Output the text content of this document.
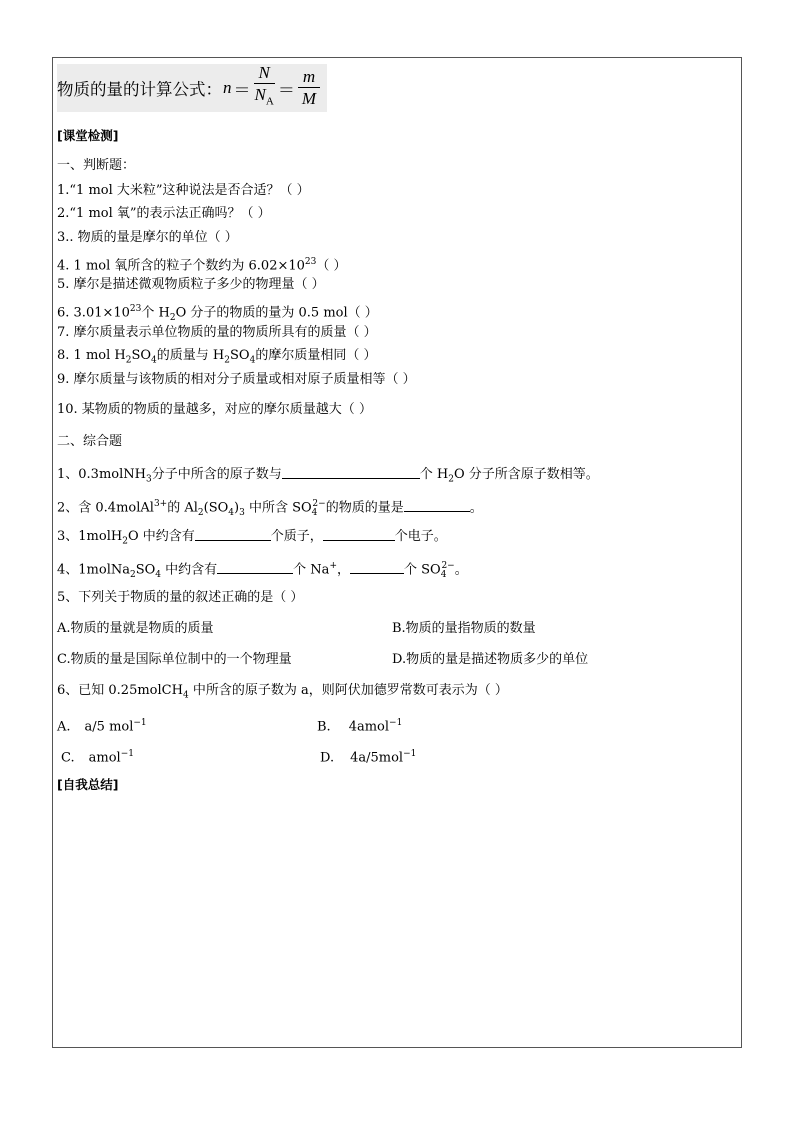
物质的量的计算公式： $n = \frac{N}{N_A} = \frac{m}{M}$
[课堂检测]
一、判断题：
1.“1 mol 大米粒”这种说法是否合适？（ ）
2.“1 mol 氧”的表示法正确吗？（ ）
3.. 物质的量是摩尔的单位（ ）
4. 1 mol 氧所含的粒子个数约为 $6.02\times 10^{23}$（ ）
5. 摩尔是描述微观物质粒子多少的物理量（ ）
6. $3.01\times 10^{23}$个 $H_2O$ 分子的物质的量为 0.5 mol（ ）
7. 摩尔质量表示单位物质的量的物质所具有的质量（ ）
8. 1 mol $H_2SO_4$的质量与 $H_2SO_4$的摩尔质量相同（ ）
9. 摩尔质量与该物质的相对分子质量或相对原子质量相等（ ）
10. 某物质的物质的量越多，对应的摩尔质量越大（ ）
二、综合题
1、0.3molNH$_3$分子中所含的原子数与	个 $H_2O$ 分子所含原子数相等。
2、含 0.4molAl$^{3+}$的 $Al_2(SO_4)_3$ 中所含 $SO_4^{2-}$的物质的量是	。
3、1molH$_2$O 中约含有	个质子，	个电子。
4、$1molNa_2SO_4$ 中约含有	个 Na+，	个 $SO_4^{2-}$。
5、下列关于物质的量的叙述正确的是（ ）
A.物质的量就是物质的质量	B.物质的量指物质的数量
C.物质的量是国际单位制中的一个物理量	D.物质的量是描述物质多少的单位
6、已知 0.25molCH$_4$ 中所含的原子数为 a，则阿伏加德罗常数可表示为（ ）
A. a/5 mol$^{-1}$	B. 4amol$^{-1}$
C. amol$^{-1}$	D. 4a/5mol$^{-1}$
[自我总结]
